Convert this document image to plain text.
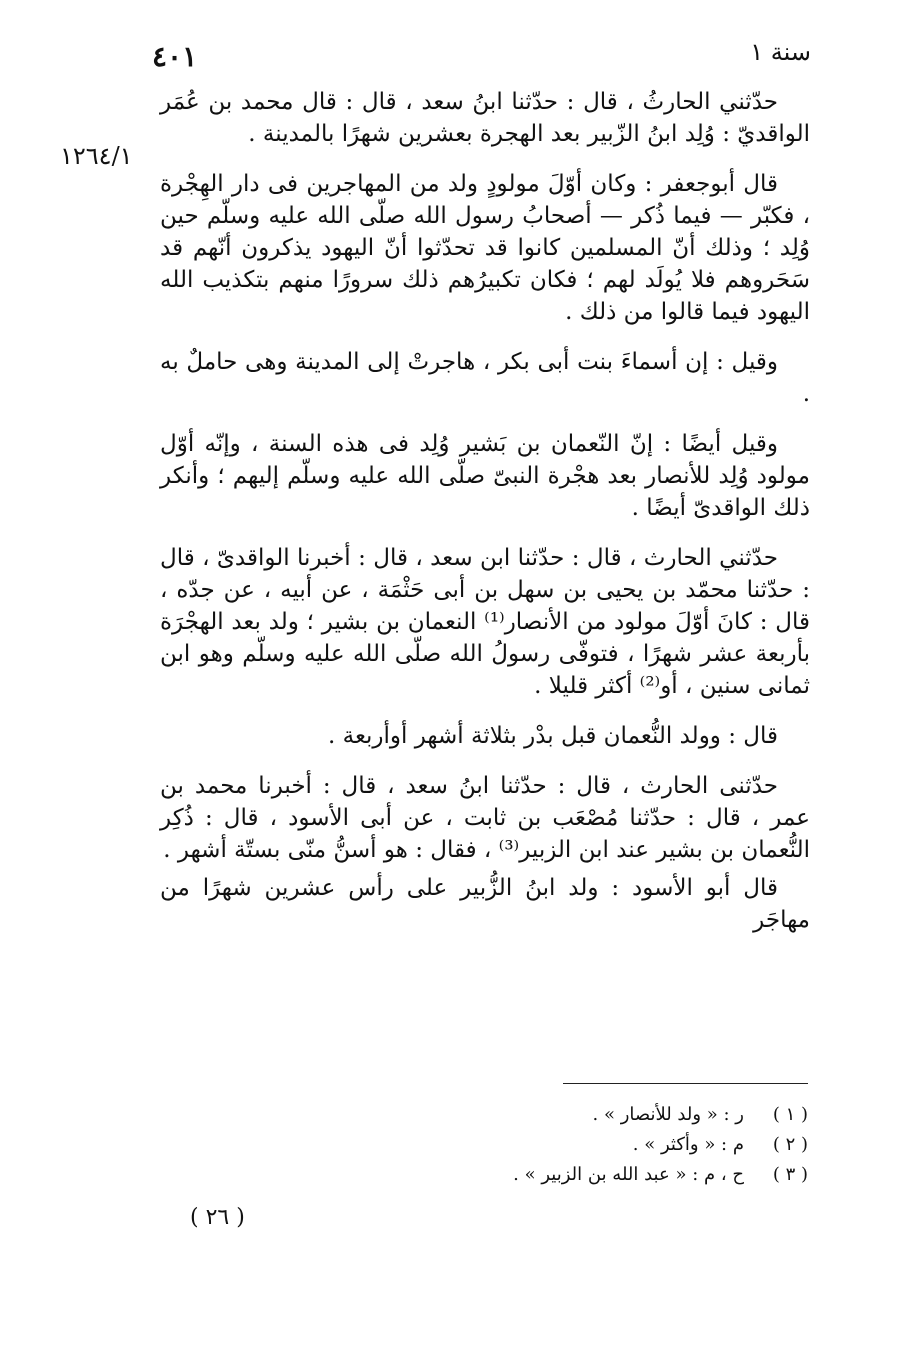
سنة ١
٤٠١
١٢٦٤/١

حدّثني الحارثُ ، قال : حدّثنا ابنُ سعد ، قال : قال محمد بن عُمَر الواقديّ : وُلِد ابنُ الزّبير بعد الهجرة بعشرين شهرًا بالمدينة .

قال أبوجعفر : وكان أوّلَ مولودٍ ولد من المهاجرين فى دار الهِجْرة ، فكبّر — فيما ذُكر — أصحابُ رسول الله صلّى الله عليه وسلّم حين وُلِد ؛ وذلك أنّ المسلمين كانوا قد تحدّثوا أنّ اليهود يذكرون أنّهم قد سَحَروهم فلا يُولَد لهم ؛ فكان تكبيرُهم ذلك سرورًا منهم بتكذيب الله اليهود فيما قالوا من ذلك .

وقيل : إن أسماءَ بنت أبى بكر ، هاجرتْ إلى المدينة وهى حاملٌ به .

وقيل أيضًا : إنّ النّعمان بن بَشير وُلِد فى هذه السنة ، وإنّه أوّل مولود وُلِد للأنصار بعد هجْرة النبىّ صلّى الله عليه وسلّم إليهم ؛ وأنكر ذلك الواقدىّ أيضًا .

حدّثني الحارث ، قال : حدّثنا ابن سعد ، قال : أخبرنا الواقدىّ ، قال : حدّثنا محمّد بن يحيى بن سهل بن أبى حَثْمَة ، عن أبيه ، عن جدّه ، قال : كانَ أوّلَ مولود من الأنصار⁽¹⁾ النعمان بن بشير ؛ ولد بعد الهجْرَة بأربعة عشر شهرًا ، فتوفّى رسولُ الله صلّى الله عليه وسلّم وهو ابن ثمانى سنين ، أو⁽²⁾ أكثر قليلا .

قال : وولد النُّعمان قبل بدْر بثلاثة أشهر أوأربعة .

حدّثنى الحارث ، قال : حدّثنا ابنُ سعد ، قال : أخبرنا محمد بن عمر ، قال : حدّثنا مُصْعَب بن ثابت ، عن أبى الأسود ، قال : ذُكِر النُّعمان بن بشير عند ابن الزبير⁽³⁾ ، فقال : هو أسنُّ منّى بستّة أشهر .

قال أبو الأسود : ولد ابنُ الزُّبير على رأس عشرين شهرًا من مهاجَر

( ١ )
ر : « ولد للأنصار » .
( ٢ )
م : « وأكثر » .
( ٣ )
ح ، م : « عبد الله بن الزبير » .
( ٢٦ )
